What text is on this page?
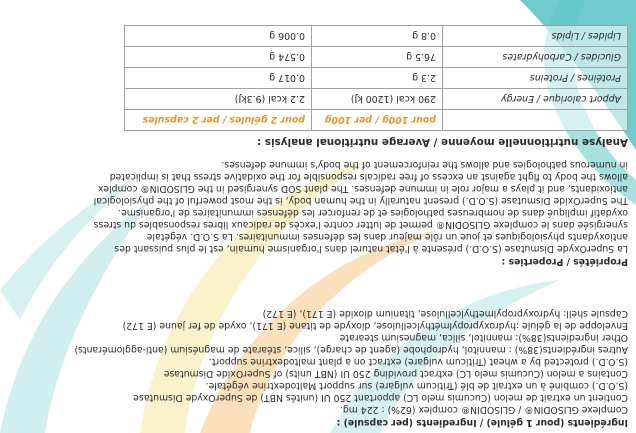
Ingrédients (pour 1 gélule) / Ingredients (per capsule) :
Complexe GLISODIN® / GLISODIN® complex (62%) : 224 mg.
Contient un extrait de melon (Cucumis melo LC) apportant 250 UI (unités NBT) de SuperOxyde Dismutase
(S.O.D.) combiné à un extrait de blé (Triticum vulgare) sur support Maltodextrine végétale.
Contains a melon (Cucumis melo LC) extract providing 250 UI (NBT units) of SuperOxide Dismutase
(S.O.D.) protected by a wheat (Triticum vulgare) extract on a plant maltodextrine support.
Autres ingrédients(38%) : mannitol, hydrophobe (agent de charge), silice, stéarate de magnésium (anti-agglomérants)
Other ingredients(38%): mannitol, silica, magnesium stearate
Enveloppe de la gélule :hydroxypropylméthylcellulose, dioxyde de titane (E 171), oxyde de fer jaune (E 172)
Capsule shell: hydroxypropylmethylcellulose, titanium dioxide (E 171), (E 172)
Propriétés / Properties :
La SuperOxyde Dismutase (S.O.D.) présente à l'état naturel dans l'organisme humain, est le plus puissant des
antioxydants physiologiques et joue un rôle majeur dans les défenses immunitaires. La S.O.D. végétale
synergisée dans le complexe GLISODIN® permet de lutter contre l'excès de radicaux libres responsables du stress
oxydatif impliqué dans de nombreuses pathologies et de renforcer les défenses immunitaires de l'organisme.
The SuperOxide Dismutase (S.O.D.) present naturally in the human body, is the most powerful of the physiological
antioxidants, and it plays a major role in immune defenses. The plant SOD synergised in the GLISODIN® complex
allows the body to fight against an excess of free radicals responsible for the oxidative stress that is implicated
in numerous pathologies and allows the reinforcement of the body's immune defenses.
Analyse nutritionnelle moyenne / Average nutritional analysis :
	pour 100g / per 100g	pour 2 gélules / per 2 capsules
Apport calorique / Energy	290 kcal (1200 kJ)	2.2 kcal (9.3kJ)
Protéines / Proteins	2.3 g	0.017 g
Glucides / Carbohydrates	76.5 g	0.574 g
Lipides / Lipids	0.8 g	0.006 g
